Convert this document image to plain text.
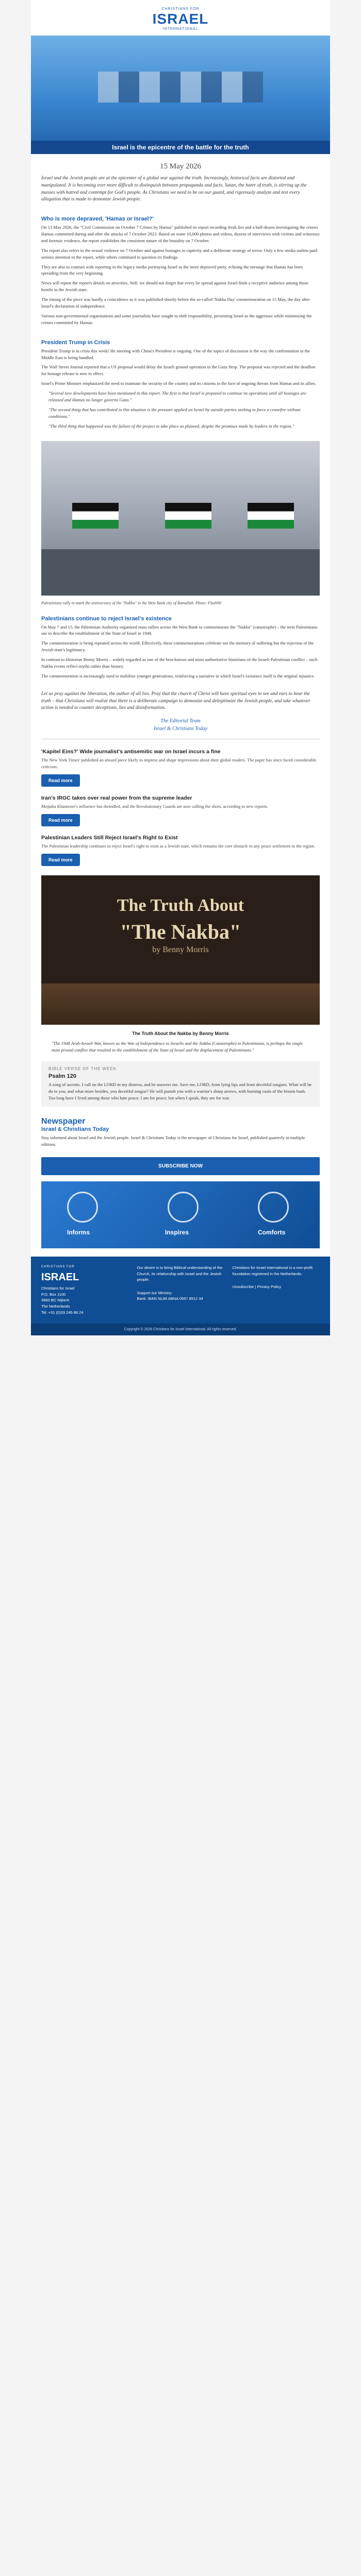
CHRISTIANS FOR
ISRAEL
INTERNATIONAL
Israel is the epicentre of the battle for the truth
15 May 2026
Israel and the Jewish people are at the epicenter of a global war against the truth. Increasingly, historical facts are distorted and manipulated. It is becoming ever more difficult to distinguish between propaganda and facts. Satan, the hater of truth, is stirring up the masses with hatred and contempt for God's people. As Christians we need to be on our guard, and rigorously analyze and test every allegation that is made to demonize Jewish people.
Who is more depraved, 'Hamas or Israel?'

On 13 May 2026, the "Civil Commission on October 7 Crimes by Hamas" published its report recording fresh lies and a half-dozen investigating the crimes Hamas committed during and after the attacks of 7 October 2023. Based on some 10,000 photos and videos, dozens of interviews with victims and witnesses and forensic evidence, the report establishes the consistent nature of the brutality on 7 October.

The report also refers to the sexual violence on 7 October and against hostages in captivity and a deliberate strategy of terror. Only a few media outlets paid serious attention to the report, while others continued to question its findings.

They are also to contrast with reporting in the legacy media portraying Israel as the more depraved party, echoing the message that Hamas has been spreading from the very beginning.

News will repeat the report's details on atrocities. Still, we should not forget that every lie spread against Israel finds a receptive audience among those hostile to the Jewish state.

The timing of the piece was hardly a coincidence as it was published shortly before the so-called 'Nakba Day' commemoration on 15 May, the day after Israel's declaration of independence.

Various non-governmental organizations and some journalists have sought to shift responsibility, presenting Israel as the aggressor while minimizing the crimes committed by Hamas.

President Trump in Crisis

President Trump is in crisis this week! He meeting with China's President is ongoing. One of the topics of discussion is the way the confrontation in the Middle East is being handled.

The Wall Street Journal reported that a US proposal would delay the Israeli ground operation in the Gaza Strip. The proposal was rejected and the deadline for hostage release is now in effect.

Israel's Prime Minister emphasized the need to maintain the security of the country and its citizens in the face of ongoing threats from Hamas and its allies.

"Several new developments have been mentioned in this report. The first is that Israel is prepared to continue its operations until all hostages are released and Hamas no longer governs Gaza."

"The second thing that has contributed to this situation is the pressure applied on Israel by outside parties seeking to force a ceasefire without conditions."

"The third thing that happened was the failure of the project to take place as planned, despite the promises made by leaders in the region."

Palestinians rally to mark the anniversary of the "Nakba" in the West Bank city of Ramallah. Photo: Flash90
Palestinians continue to reject Israel's existence

On May 7 and 15, the Palestinian Authority organized mass rallies across the West Bank to commemorate the "Nakba" (catastrophe) – the term Palestinians use to describe the establishment of the State of Israel in 1948.

The commemoration is being repeated across the world. Effectively, these commemorations celebrate not the memory of suffering but the rejection of the Jewish state's legitimacy.

In contrast to Historian Benny Morris – widely regarded as one of the best-known and most authoritative historians of the Israeli-Palestinian conflict – such Nakba events reflect myths rather than history.

The commemoration is increasingly used to mobilize younger generations, reinforcing a narrative in which Israel's existence itself is the original injustice.

Let us pray against the liberation, the author of all lies. Pray that the church of Christ will have spiritual eyes to see and ears to hear the truth – that Christians will realize that there is a deliberate campaign to demonize and delegitimize the Jewish people, and take whatever action is needed to counter deceptions, lies and disinformation.
The Editorial Team
Israel & Christians Today
'Kapitel Eins?' Wide journalist's antisemitic war on Israel incurs a fine
The New York Times' published an absurd piece likely to impress and shape impressions about their global readers. The paper has since faced considerable criticism.
Read more
Iran's IRGC takes over real power from the supreme leader
Mojtaba Khamenei's influence has dwindled, and the Revolutionary Guards are now calling the shots, according to new reports.
Read more
Palestinian Leaders Still Reject Israel's Right to Exist
The Palestinian leadership continues to reject Israel's right to exist as a Jewish state, which remains the core obstacle to any peace settlement in the region.
Read more
The Truth About
"The Nakba"
by Benny Morris
The Truth About the Nakba by Benny Morris
"The 1948 Arab-Israeli War, known as the War of Independence to Israelis and the Nakba (Catastrophe) to Palestinians, is perhaps the single most pivotal conflict that resulted in the establishment of the State of Israel and the displacement of Palestinians."
BIBLE VERSE OF THE WEEK
Psalm 120
A song of ascents. I call on the LORD in my distress, and he answers me. Save me, LORD, from lying lips and from deceitful tongues. What will he do to you, and what more besides, you deceitful tongue? He will punish you with a warrior's sharp arrows, with burning coals of the broom bush. Too long have I lived among those who hate peace. I am for peace; but when I speak, they are for war.
Newspaper
Israel & Christians Today
Stay informed about Israel and the Jewish people. Israel & Christians Today is the newspaper of Christians for Israel, published quarterly in multiple editions.
SUBSCRIBE NOW
Informs	Inspires	Comforts
CHRISTIANS FOR
ISRAEL
Christians for Israel
P.O. Box 1100
3860 BC Nijkerk
The Netherlands
Tel. +31 (0)33 245 88 24
Our desire is to bring Biblical understanding of the Church, its relationship with Israel and the Jewish people.
Support our Ministry:
Bank: IBAN NL86 ABNA 0567 8912 34
Christians for Israel International is a non-profit foundation registered in the Netherlands.
Unsubscribe | Privacy Policy
Copyright © 2026 Christians for Israel International. All rights reserved.
